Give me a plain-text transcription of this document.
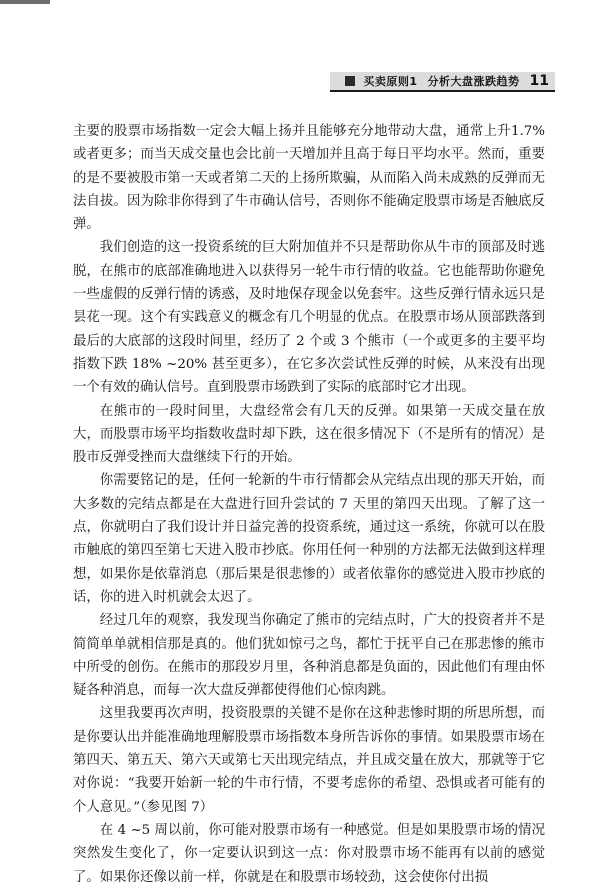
买卖原则1 分析大盘涨跌趋势 11

主要的股票市场指数一定会大幅上扬并且能够充分地带动大盘，通常上升1.7% 或者更多；而当天成交量也会比前一天增加并且高于每日平均水平。然而，重要的是不要被股市第一天或者第二天的上扬所欺骗，从而陷入尚未成熟的反弹而无法自拔。因为除非你得到了牛市确认信号，否则你不能确定股票市场是否触底反弹。

我们创造的这一投资系统的巨大附加值并不只是帮助你从牛市的顶部及时逃脱，在熊市的底部准确地进入以获得另一轮牛市行情的收益。它也能帮助你避免一些虚假的反弹行情的诱惑，及时地保存现金以免套牢。这些反弹行情永远只是昙花一现。这个有实践意义的概念有几个明显的优点。在股票市场从顶部跌落到最后的大底部的这段时间里，经历了 2 个或 3 个熊市（一个或更多的主要平均指数下跌 18% ~20% 甚至更多），在它多次尝试性反弹的时候，从来没有出现一个有效的确认信号。直到股票市场跌到了实际的底部时它才出现。

在熊市的一段时间里，大盘经常会有几天的反弹。如果第一天成交量在放大，而股票市场平均指数收盘时却下跌，这在很多情况下（不是所有的情况）是股市反弹受挫而大盘继续下行的开始。

你需要铭记的是，任何一轮新的牛市行情都会从完结点出现的那天开始，而大多数的完结点都是在大盘进行回升尝试的 7 天里的第四天出现。了解了这一点，你就明白了我们设计并日益完善的投资系统，通过这一系统，你就可以在股市触底的第四至第七天进入股市抄底。你用任何一种别的方法都无法做到这样理想，如果你是依靠消息（那后果是很悲惨的）或者依靠你的感觉进入股市抄底的话，你的进入时机就会太迟了。

经过几年的观察，我发现当你确定了熊市的完结点时，广大的投资者并不是简简单单就相信那是真的。他们犹如惊弓之鸟，都忙于抚平自己在那悲惨的熊市中所受的创伤。在熊市的那段岁月里，各种消息都是负面的，因此他们有理由怀疑各种消息，而每一次大盘反弹都使得他们心惊肉跳。

这里我要再次声明，投资股票的关键不是你在这种悲惨时期的所思所想，而是你要认出并能准确地理解股票市场指数本身所告诉你的事情。如果股票市场在第四天、第五天、第六天或第七天出现完结点，并且成交量在放大，那就等于它对你说：“我要开始新一轮的牛市行情，不要考虑你的希望、恐惧或者可能有的个人意见。”（参见图 7）

在 4 ~5 周以前，你可能对股票市场有一种感觉。但是如果股票市场的情况突然发生变化了，你一定要认识到这一点：你对股票市场不能再有以前的感觉了。如果你还像以前一样，你就是在和股票市场较劲，这会使你付出损
